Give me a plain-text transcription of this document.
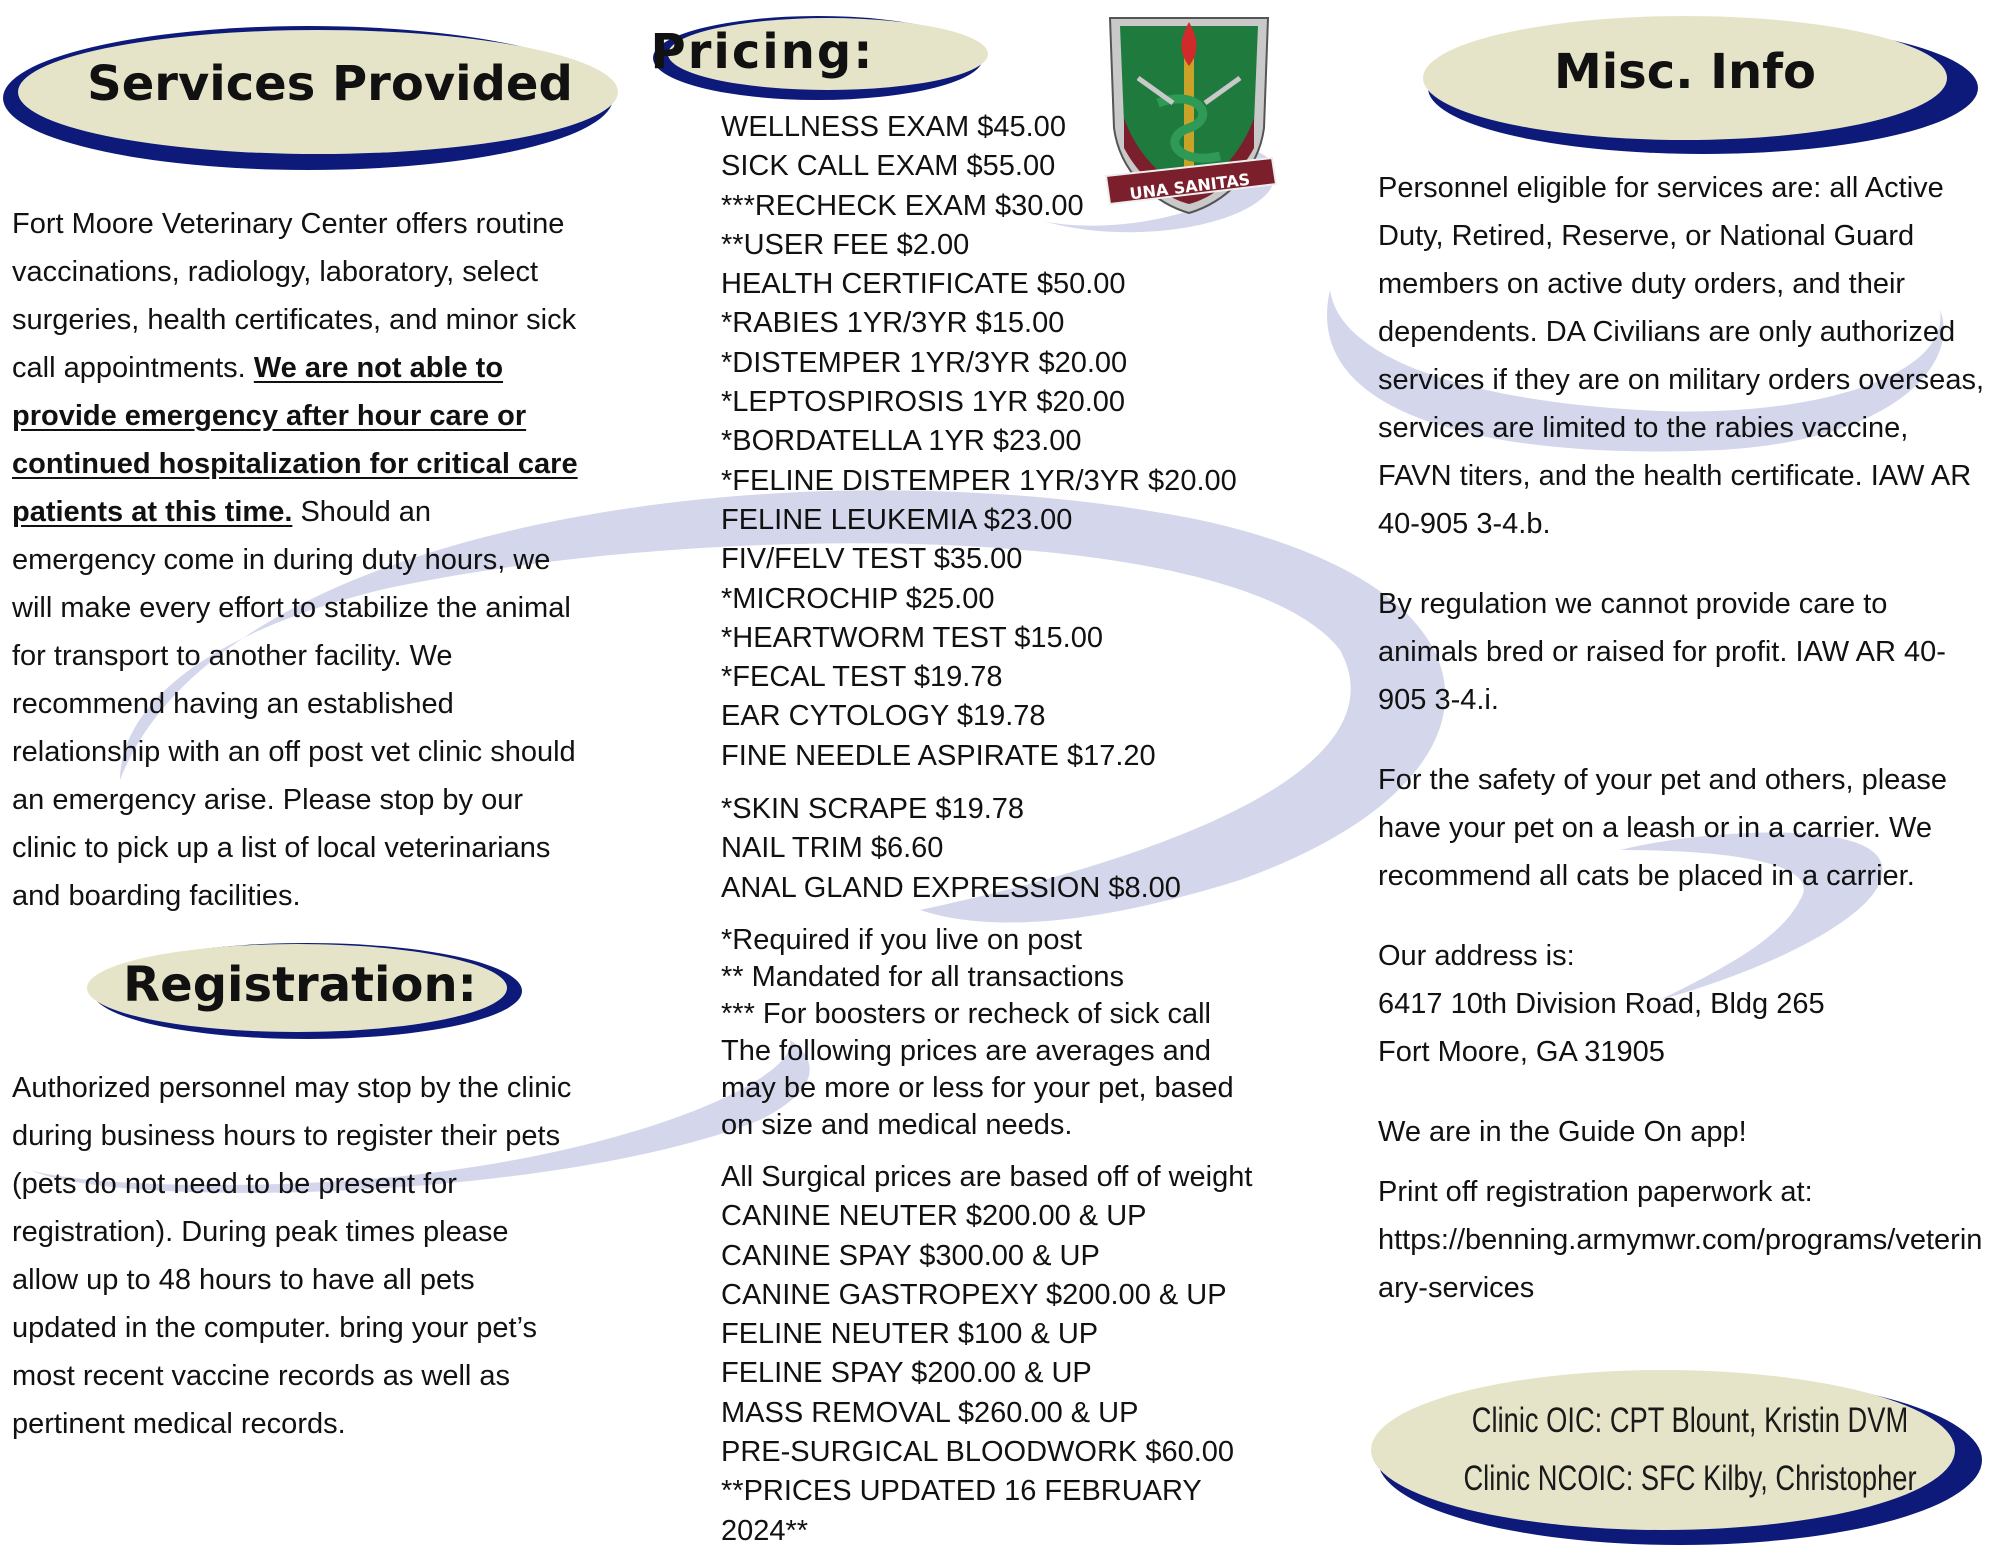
Services Provided

Fort Moore Veterinary Center offers routine vaccinations, radiology, laboratory, select surgeries, health certificates, and minor sick call appointments. We are not able to provide emergency after hour care or continued hospitalization for critical care patients at this time. Should an emergency come in during duty hours, we will make every effort to stabilize the animal for transport to another facility. We recommend having an established relationship with an off post vet clinic should an emergency arise. Please stop by our clinic to pick up a list of local veterinarians and boarding facilities.

Registration:

Authorized personnel may stop by the clinic during business hours to register their pets (pets do not need to be present for registration). During peak times please allow up to 48 hours to have all pets updated in the computer. bring your pet’s most recent vaccine records as well as pertinent medical records.

Pricing:
UNA SANITAS
WELLNESS EXAM $45.00
SICK CALL EXAM $55.00
***RECHECK EXAM $30.00
**USER FEE $2.00
HEALTH CERTIFICATE $50.00
*RABIES 1YR/3YR $15.00
*DISTEMPER 1YR/3YR $20.00
*LEPTOSPIROSIS 1YR $20.00
*BORDATELLA 1YR $23.00
*FELINE DISTEMPER 1YR/3YR $20.00
FELINE LEUKEMIA $23.00
FIV/FELV TEST $35.00
*MICROCHIP $25.00
*HEARTWORM TEST $15.00
*FECAL TEST $19.78
EAR CYTOLOGY $19.78
FINE NEEDLE ASPIRATE $17.20
*SKIN SCRAPE $19.78
NAIL TRIM $6.60
ANAL GLAND EXPRESSION $8.00
*Required if you live on post
** Mandated for all transactions
*** For boosters or recheck of sick call
The following prices are averages and
may be more or less for your pet, based
on size and medical needs.
All Surgical prices are based off of weight
CANINE NEUTER $200.00 & UP
CANINE SPAY $300.00 & UP
CANINE GASTROPEXY $200.00 & UP
FELINE NEUTER $100 & UP
FELINE SPAY $200.00 & UP
MASS REMOVAL $260.00 & UP
PRE-SURGICAL BLOODWORK $60.00
**PRICES UPDATED 16 FEBRUARY
2024**
Misc. Info

Personnel eligible for services are: all Active Duty, Retired, Reserve, or National Guard members on active duty orders, and their dependents. DA Civilians are only authorized services if they are on military orders overseas, services are limited to the rabies vaccine, FAVN titers, and the health certificate. IAW AR 40-905 3-4.b.

By regulation we cannot provide care to animals bred or raised for profit. IAW AR 40-905 3-4.i.

For the safety of your pet and others, please have your pet on a leash or in a carrier. We recommend all cats be placed in a carrier.

Our address is:

6417 10th Division Road, Bldg 265

Fort Moore, GA 31905

We are in the Guide On app!

Print off registration paperwork at:

https://benning.armymwr.com/programs/veterinary-services

Clinic OIC: CPT Blount, Kristin DVM
Clinic NCOIC: SFC Kilby, Christopher
